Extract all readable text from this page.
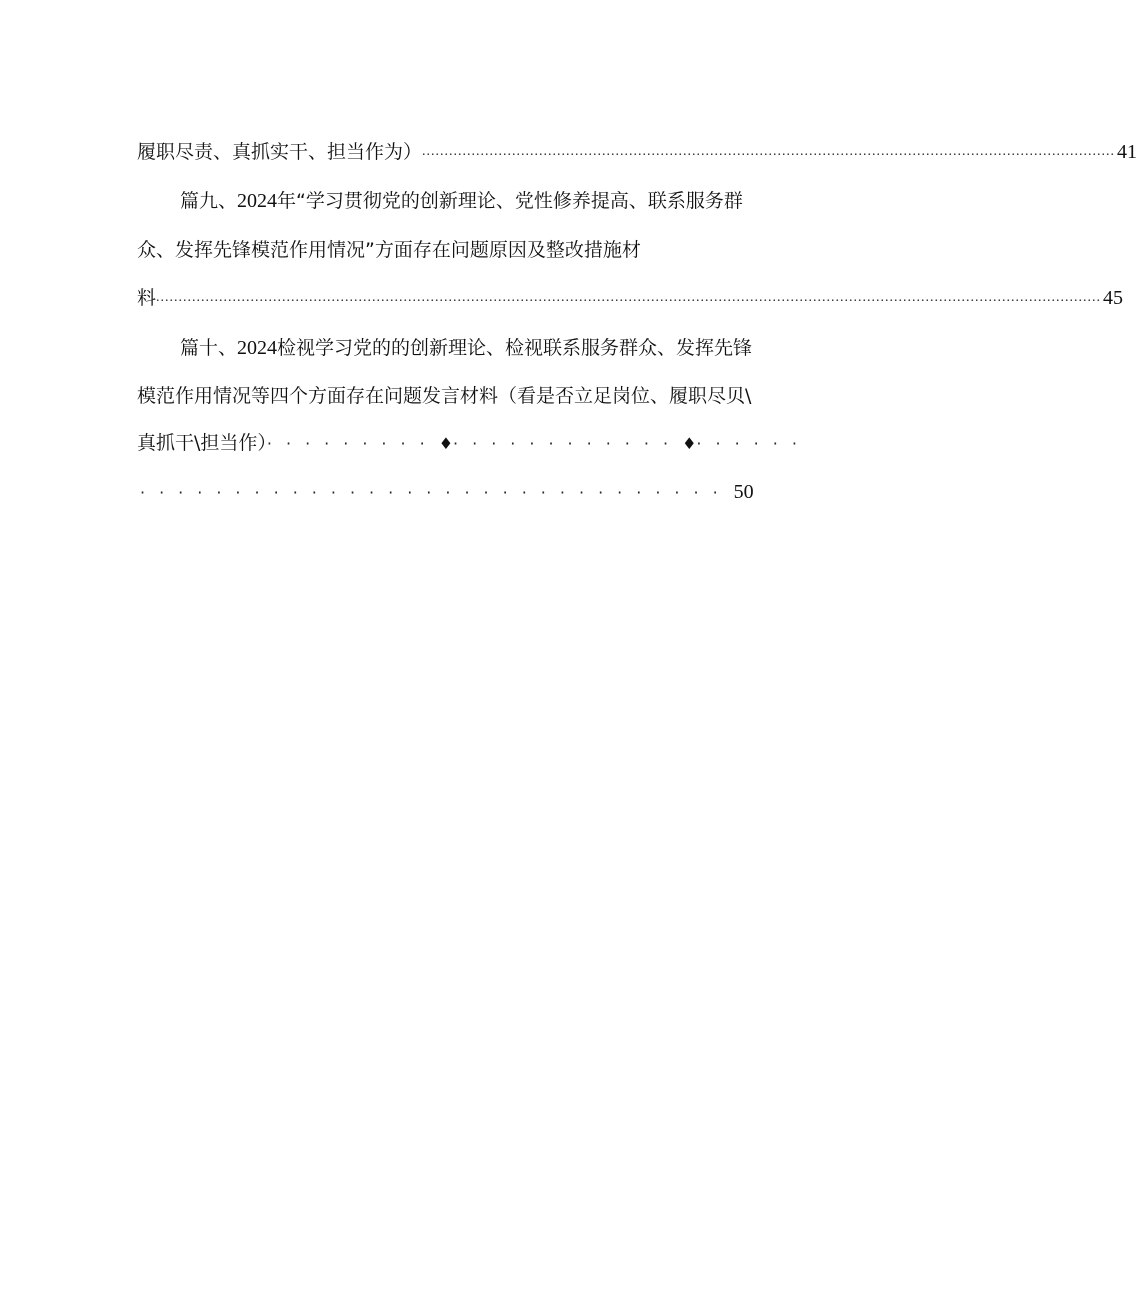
履职尽责、真抓实干、担当作为） .......................................................................................................................................................... 41
篇九、2024年“学习贯彻党的创新理论、党性修养提高、联系服务群
众、发挥先锋模范作用情况”方面存在问题原因及整改措施材
料 .................................................................................................................................................................................................................. 45
篇十、2024检视学习党的的创新理论、检视联系服务群众、发挥先锋
模范作用情况等四个方面存在问题发言材料（看是否立足岗位、履职尽贝\
真抓干\担当作）·········♦············♦······
······························· 50
